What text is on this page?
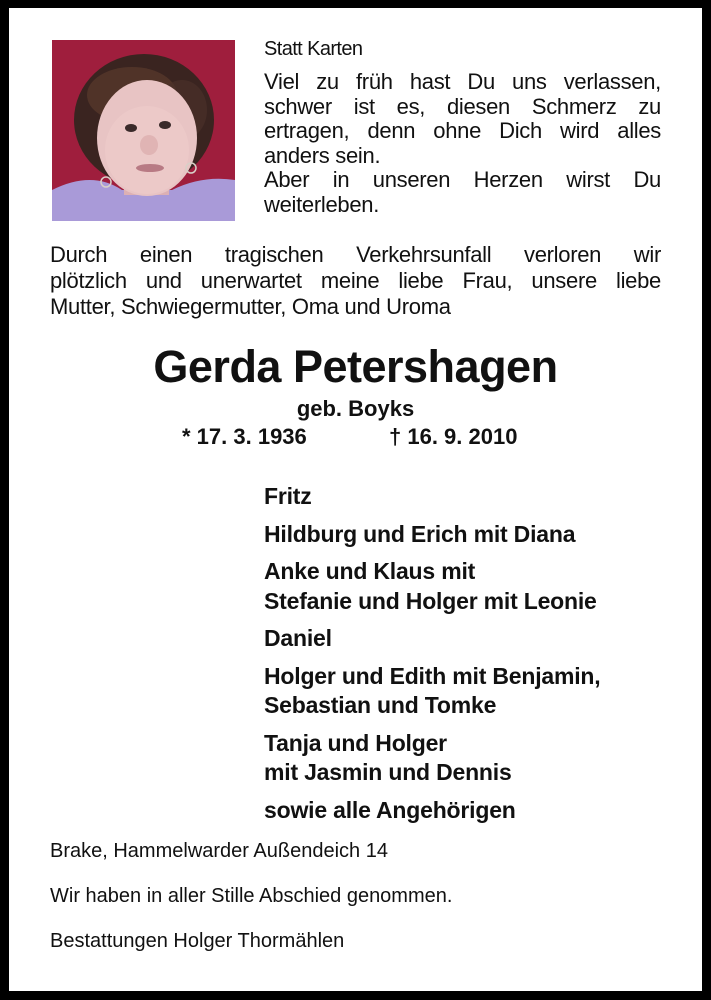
Statt Karten
Viel zu früh hast Du uns verlassen,
schwer ist es, diesen Schmerz zu
ertragen, denn ohne Dich wird alles
anders sein.
Aber in unseren Herzen wirst Du
weiterleben.
Durch einen tragischen Verkehrsunfall verloren wir
plötzlich und unerwartet meine liebe Frau, unsere liebe
Mutter, Schwiegermutter, Oma und Uroma
Gerda Petershagen
geb. Boyks
* 17. 3. 1936	† 16. 9. 2010
Fritz
Hildburg und Erich mit Diana
Anke und Klaus mit
Stefanie und Holger mit Leonie
Daniel
Holger und Edith mit Benjamin,
Sebastian und Tomke
Tanja und Holger
mit Jasmin und Dennis
sowie alle Angehörigen
Brake, Hammelwarder Außendeich 14
Wir haben in aller Stille Abschied genommen.
Bestattungen Holger Thormählen
